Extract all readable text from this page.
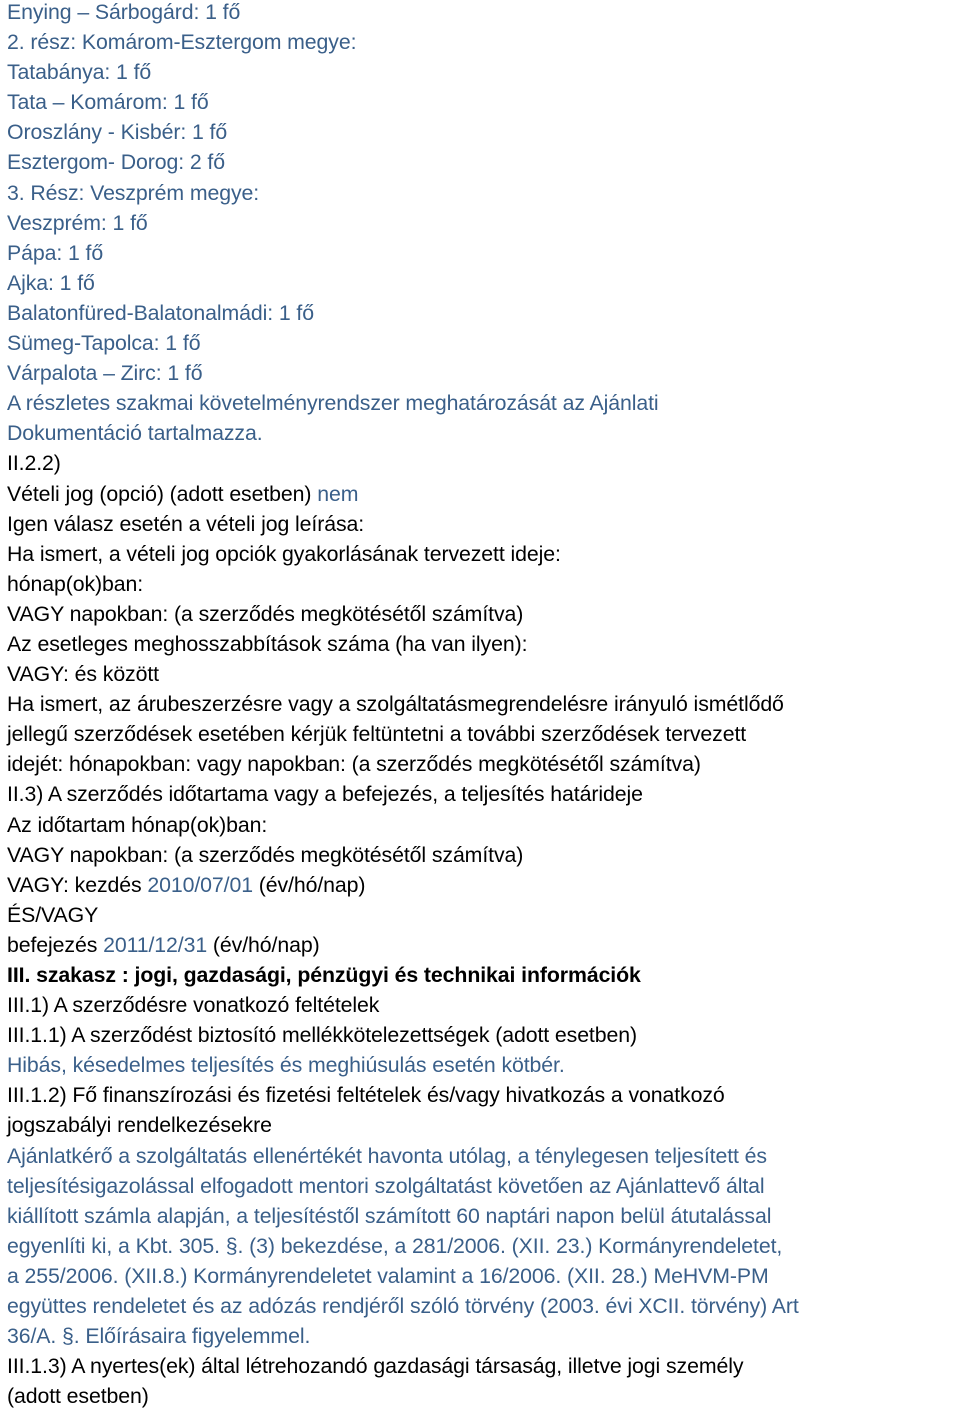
Enying – Sárbogárd: 1 fő
2. rész: Komárom-Esztergom megye:
Tatabánya: 1 fő
Tata – Komárom: 1 fő
Oroszlány - Kisbér: 1 fő
Esztergom- Dorog: 2 fő
3. Rész: Veszprém megye:
Veszprém: 1 fő
Pápa: 1 fő
Ajka: 1 fő
Balatonfüred-Balatonalmádi: 1 fő
Sümeg-Tapolca: 1 fő
Várpalota – Zirc: 1 fő
A részletes szakmai követelményrendszer meghatározását az Ajánlati
Dokumentáció tartalmazza.
II.2.2)
Vételi jog (opció) (adott esetben) nem
Igen válasz esetén a vételi jog leírása:
Ha ismert, a vételi jog opciók gyakorlásának tervezett ideje:
hónap(ok)ban:
VAGY napokban: (a szerződés megkötésétől számítva)
Az esetleges meghosszabbítások száma (ha van ilyen):
VAGY: és között
Ha ismert, az árubeszerzésre vagy a szolgáltatásmegrendelésre irányuló ismétlődő
jellegű szerződések esetében kérjük feltüntetni a további szerződések tervezett
idejét: hónapokban: vagy napokban: (a szerződés megkötésétől számítva)
II.3) A szerződés időtartama vagy a befejezés, a teljesítés határideje
Az időtartam hónap(ok)ban:
VAGY napokban: (a szerződés megkötésétől számítva)
VAGY: kezdés 2010/07/01 (év/hó/nap)
ÉS/VAGY
befejezés 2011/12/31 (év/hó/nap)
III. szakasz : jogi, gazdasági, pénzügyi és technikai információk
III.1) A szerződésre vonatkozó feltételek
III.1.1) A szerződést biztosító mellékkötelezettségek (adott esetben)
Hibás, késedelmes teljesítés és meghiúsulás esetén kötbér.
III.1.2) Fő finanszírozási és fizetési feltételek és/vagy hivatkozás a vonatkozó
jogszabályi rendelkezésekre
Ajánlatkérő a szolgáltatás ellenértékét havonta utólag, a ténylegesen teljesített és
teljesítésigazolással elfogadott mentori szolgáltatást követően az Ajánlattevő által
kiállított számla alapján, a teljesítéstől számított 60 naptári napon belül átutalással
egyenlíti ki, a Kbt. 305. §. (3) bekezdése, a 281/2006. (XII. 23.) Kormányrendeletet,
a 255/2006. (XII.8.) Kormányrendeletet valamint a 16/2006. (XII. 28.) MeHVM-PM
együttes rendeletet és az adózás rendjéről szóló törvény (2003. évi XCII. törvény) Art
36/A. §. Előírásaira figyelemmel.
III.1.3) A nyertes(ek) által létrehozandó gazdasági társaság, illetve jogi személy
(adott esetben)
